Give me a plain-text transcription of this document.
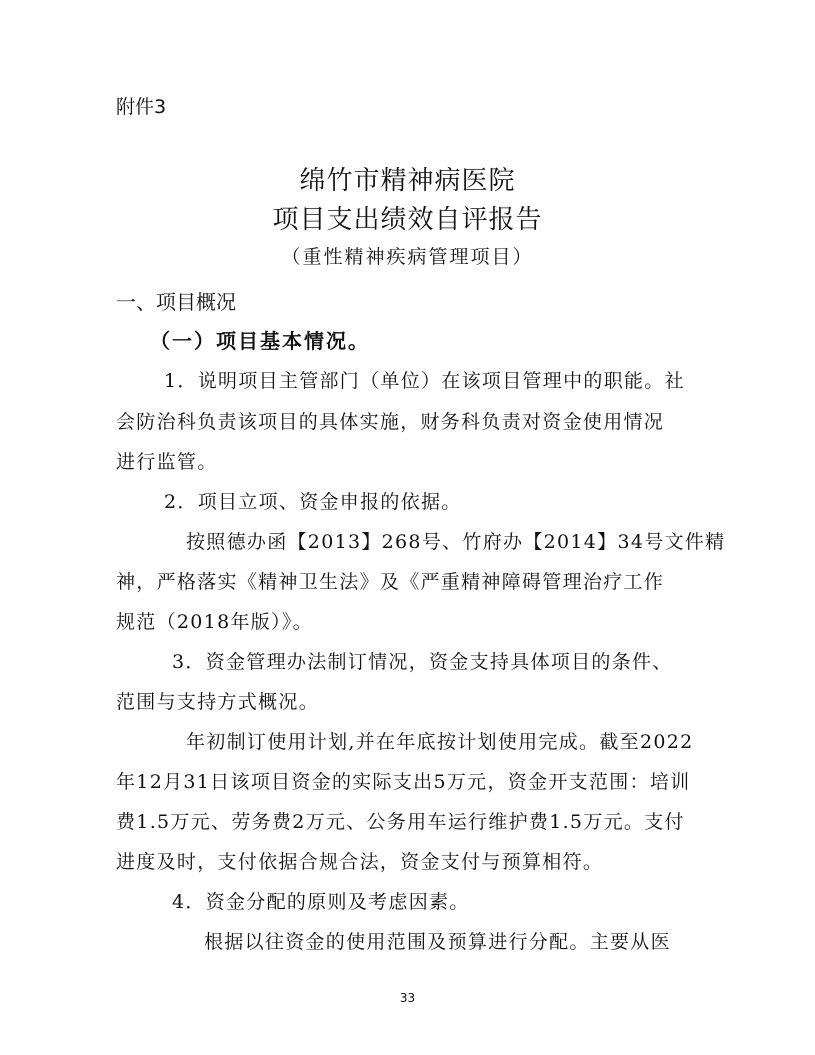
附件3
绵竹市精神病医院
项目支出绩效自评报告
（重性精神疾病管理项目）
一、项目概况
（一）项目基本情况。
1．说明项目主管部门（单位）在该项目管理中的职能。社
会防治科负责该项目的具体实施，财务科负责对资金使用情况
进行监管。
2．项目立项、资金申报的依据。
按照德办函【2013】268号、竹府办【2014】34号文件精
神，严格落实《精神卫生法》及《严重精神障碍管理治疗工作
规范（2018年版）》。
3．资金管理办法制订情况，资金支持具体项目的条件、
范围与支持方式概况。
年初制订使用计划,并在年底按计划使用完成。截至2022
年12月31日该项目资金的实际支出5万元，资金开支范围：培训
费1.5万元、劳务费2万元、公务用车运行维护费1.5万元。支付
进度及时，支付依据合规合法，资金支付与预算相符。
4．资金分配的原则及考虑因素。
根据以往资金的使用范围及预算进行分配。主要从医
33
